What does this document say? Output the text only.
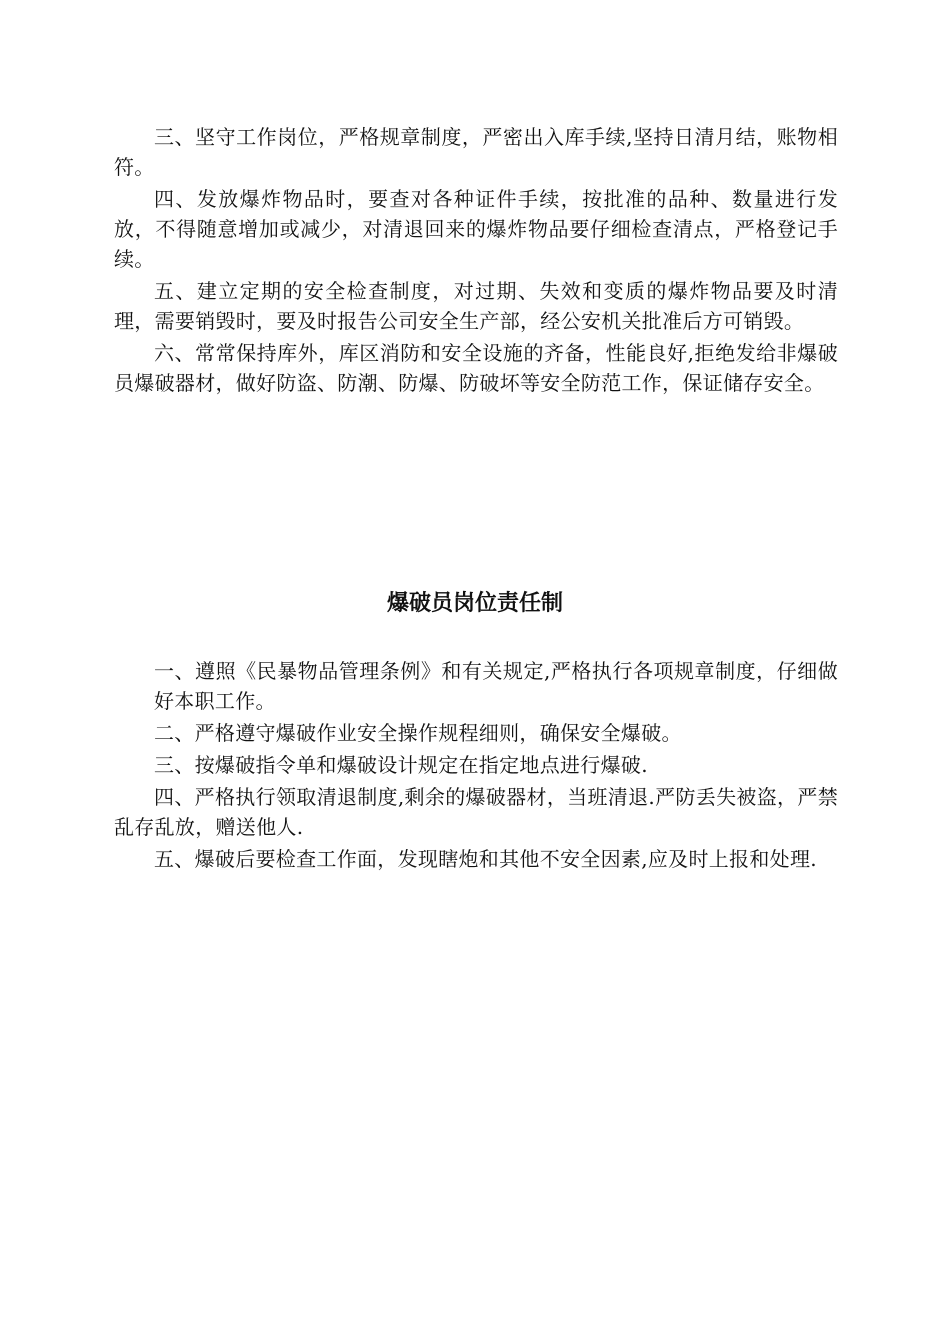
三、坚守工作岗位，严格规章制度，严密出入库手续,坚持日清月结，账物相符。

四、发放爆炸物品时，要查对各种证件手续，按批准的品种、数量进行发放，不得随意增加或减少，对清退回来的爆炸物品要仔细检查清点，严格登记手续。

五、建立定期的安全检查制度，对过期、失效和变质的爆炸物品要及时清理，需要销毁时，要及时报告公司安全生产部，经公安机关批准后方可销毁。

六、常常保持库外，库区消防和安全设施的齐备，性能良好,拒绝发给非爆破员爆破器材，做好防盗、防潮、防爆、防破坏等安全防范工作，保证储存安全。

爆破员岗位责任制

一、遵照《民暴物品管理条例》和有关规定,严格执行各项规章制度，仔细做好本职工作。

二、严格遵守爆破作业安全操作规程细则，确保安全爆破。

三、按爆破指令单和爆破设计规定在指定地点进行爆破.

四、严格执行领取清退制度,剩余的爆破器材，当班清退.严防丢失被盗，严禁乱存乱放，赠送他人.

五、爆破后要检查工作面，发现瞎炮和其他不安全因素,应及时上报和处理.
